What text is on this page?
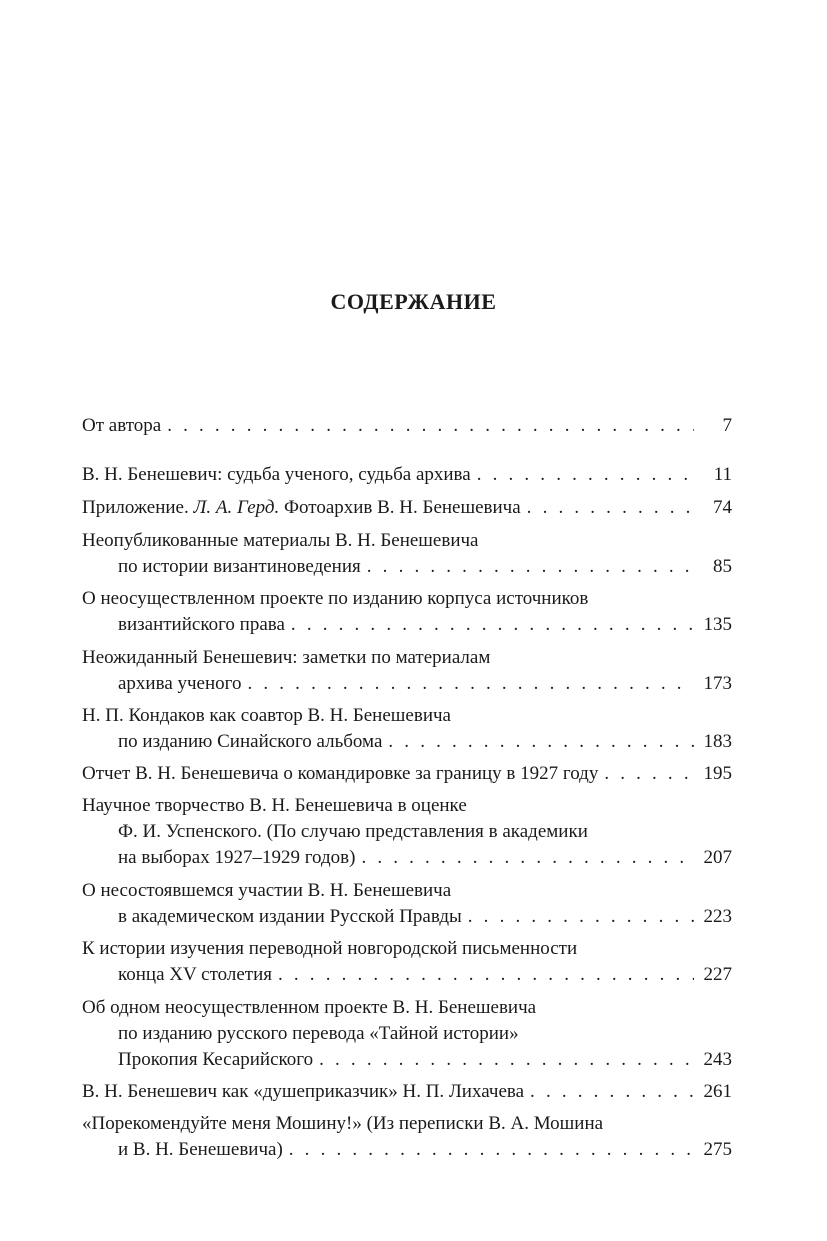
СОДЕРЖАНИЕ
От автора . . .	7
В. Н. Бенешевич: судьба ученого, судьба архива . . .	11
Приложение. Л. А. Герд. Фотоархив В. Н. Бенешевича . . .	74
Неопубликованные материалы В. Н. Бенешевича
по истории византиноведения . . .	85
О неосуществленном проекте по изданию корпуса источников
византийского права . . .	135
Неожиданный Бенешевич: заметки по материалам
архива ученого . . .	173
Н. П. Кондаков как соавтор В. Н. Бенешевича
по изданию Синайского альбома . . .	183
Отчет В. Н. Бенешевича о командировке за границу в 1927 году . . .	195
Научное творчество В. Н. Бенешевича в оценке
Ф. И. Успенского. (По случаю представления в академики
на выборах 1927–1929 годов) . . .	207
О несостоявшемся участии В. Н. Бенешевича
в академическом издании Русской Правды . . .	223
К истории изучения переводной новгородской письменности
конца XV столетия . . .	227
Об одном неосуществленном проекте В. Н. Бенешевича
по изданию русского перевода «Тайной истории»
Прокопия Кесарийского . . .	243
В. Н. Бенешевич как «душеприказчик» Н. П. Лихачева . . .	261
«Порекомендуйте меня Мошину!» (Из переписки В. А. Мошина
и В. Н. Бенешевича) . . .	275
